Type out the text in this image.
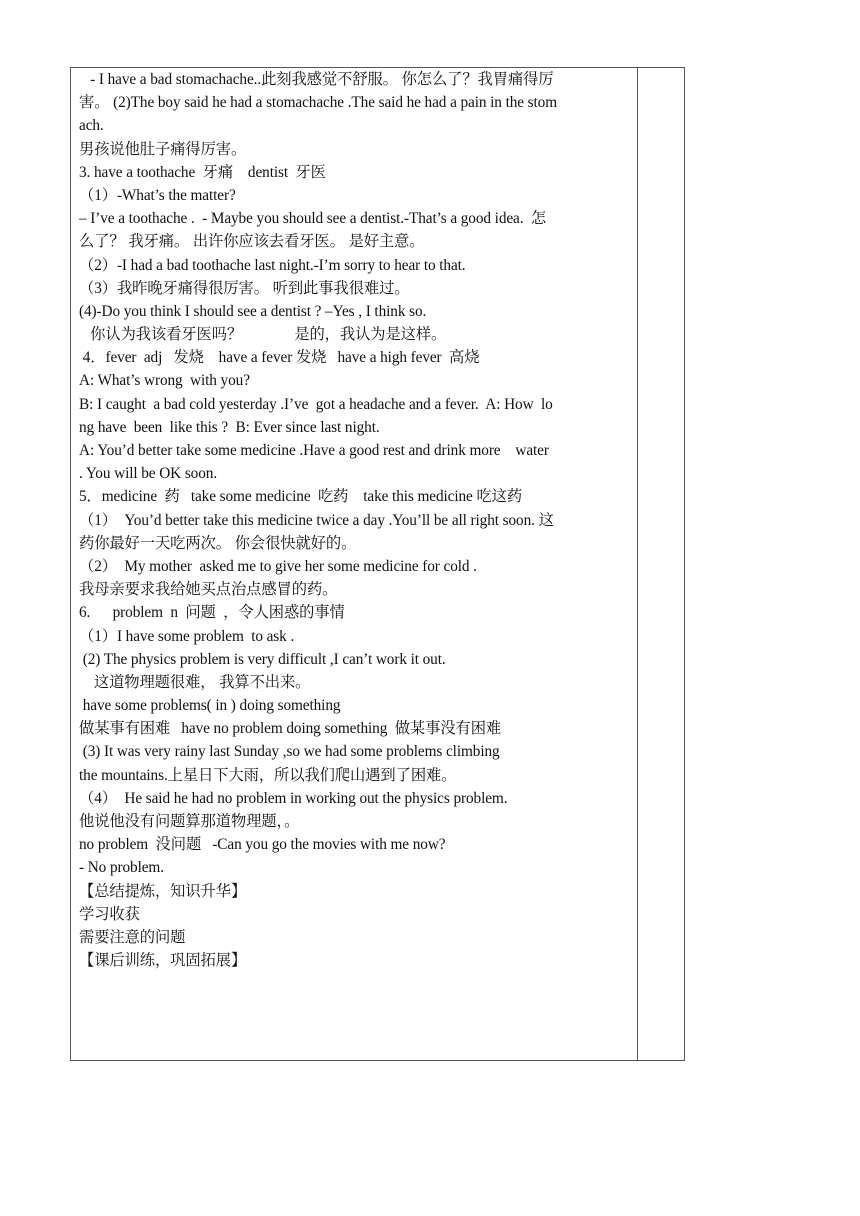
- I have a bad stomachache..此刻我感觉不舒服。 你怎么了？我胃痛得厉
害。 (2)The boy said he had a stomachache .The said he had a pain in the stom
ach.
男孩说他肚子痛得厉害。
3. have a toothache  牙痛    dentist  牙医
（1）-What’s the matter?
– I’ve a toothache .  - Maybe you should see a dentist.-That’s a good idea.  怎
么了？ 我牙痛。 出许你应该去看牙医。 是好主意。
（2）-I had a bad toothache last night.-I’m sorry to hear to that.
（3）我昨晚牙痛得很厉害。 听到此事我很难过。
(4)-Do you think I should see a dentist ? –Yes , I think so.
你认为我该看牙医吗？              是的，我认为是这样。
4．fever  adj   发烧    have a fever 发烧   have a high fever  高烧
A: What’s wrong  with you?
B: I caught  a bad cold yesterday .I’ve  got a headache and a fever.  A: How  lo
ng have  been  like this ?  B: Ever since last night.
A: You’d better take some medicine .Have a good rest and drink more    water
. You will be OK soon.
5．medicine  药   take some medicine  吃药    take this medicine 吃这药
（1）  You’d better take this medicine twice a day .You’ll be all right soon. 这
药你最好一天吃两次。 你会很快就好的。
（2）  My mother  asked me to give her some medicine for cold .
我母亲要求我给她买点治点感冒的药。
6.      problem  n  问题  ，令人困惑的事情
（1）I have some problem  to ask .
(2) The physics problem is very difficult ,I can’t work it out.
这道物理题很难， 我算不出来。
have some problems( in ) doing something
做某事有困难   have no problem doing something  做某事没有困难
(3) It was very rainy last Sunday ,so we had some problems climbing
the mountains.上星日下大雨，所以我们爬山遇到了困难。
（4）  He said he had no problem in working out the physics problem.
他说他没有问题算那道物理题，。
no problem  没问题   -Can you go the movies with me now?
- No problem.
【总结提炼，知识升华】
学习收获
需要注意的问题
【课后训练，巩固拓展】
